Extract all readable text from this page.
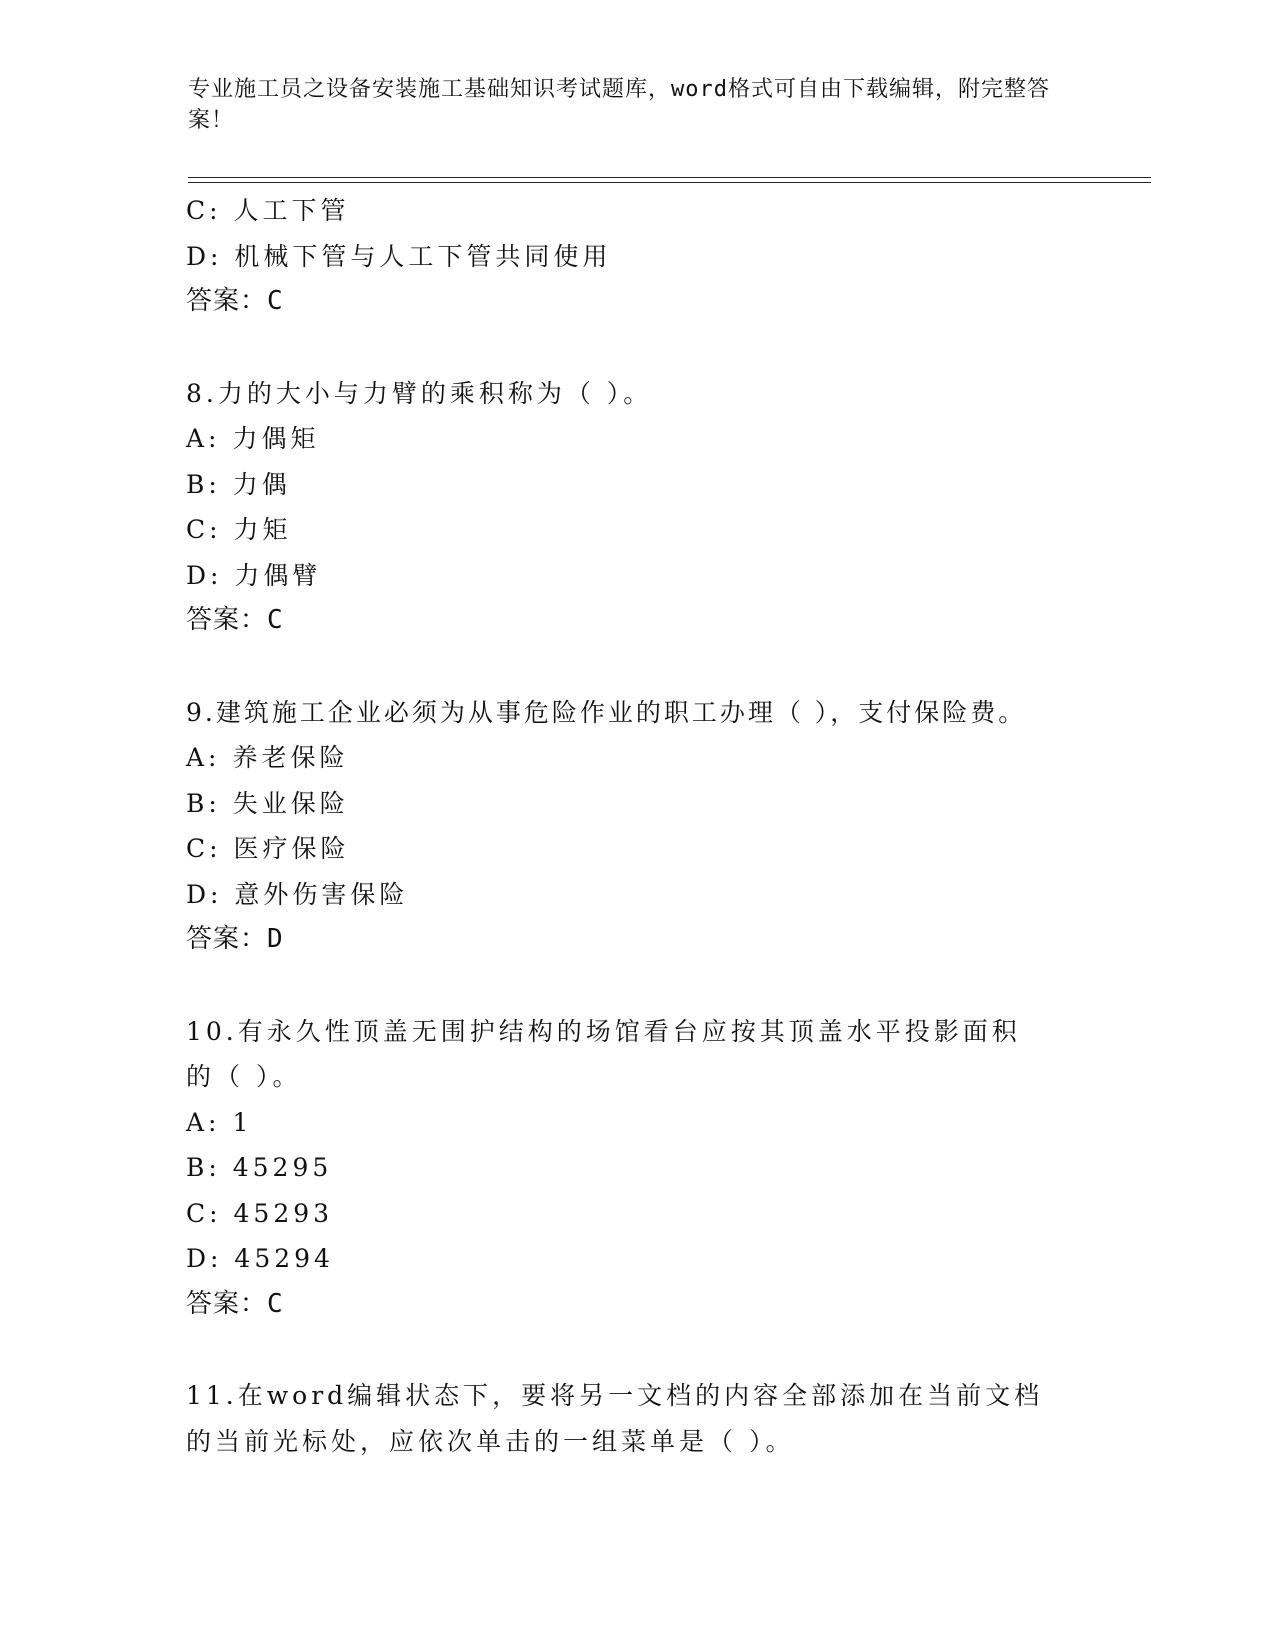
专业施工员之设备安装施工基础知识考试题库，word格式可自由下载编辑，附完整答案！
C: 人工下管
D: 机械下管与人工下管共同使用
答案：C
8.力的大小与力臂的乘积称为（ ）。
A: 力偶矩
B: 力偶
C: 力矩
D: 力偶臂
答案：C
9.建筑施工企业必须为从事危险作业的职工办理（ ），支付保险费。
A: 养老保险
B: 失业保险
C: 医疗保险
D: 意外伤害保险
答案：D
10.有永久性顶盖无围护结构的场馆看台应按其顶盖水平投影面积的（ ）。
A: 1
B: 45295
C: 45293
D: 45294
答案：C
11.在word编辑状态下，要将另一文档的内容全部添加在当前文档的当前光标处，应依次单击的一组菜单是（ ）。
